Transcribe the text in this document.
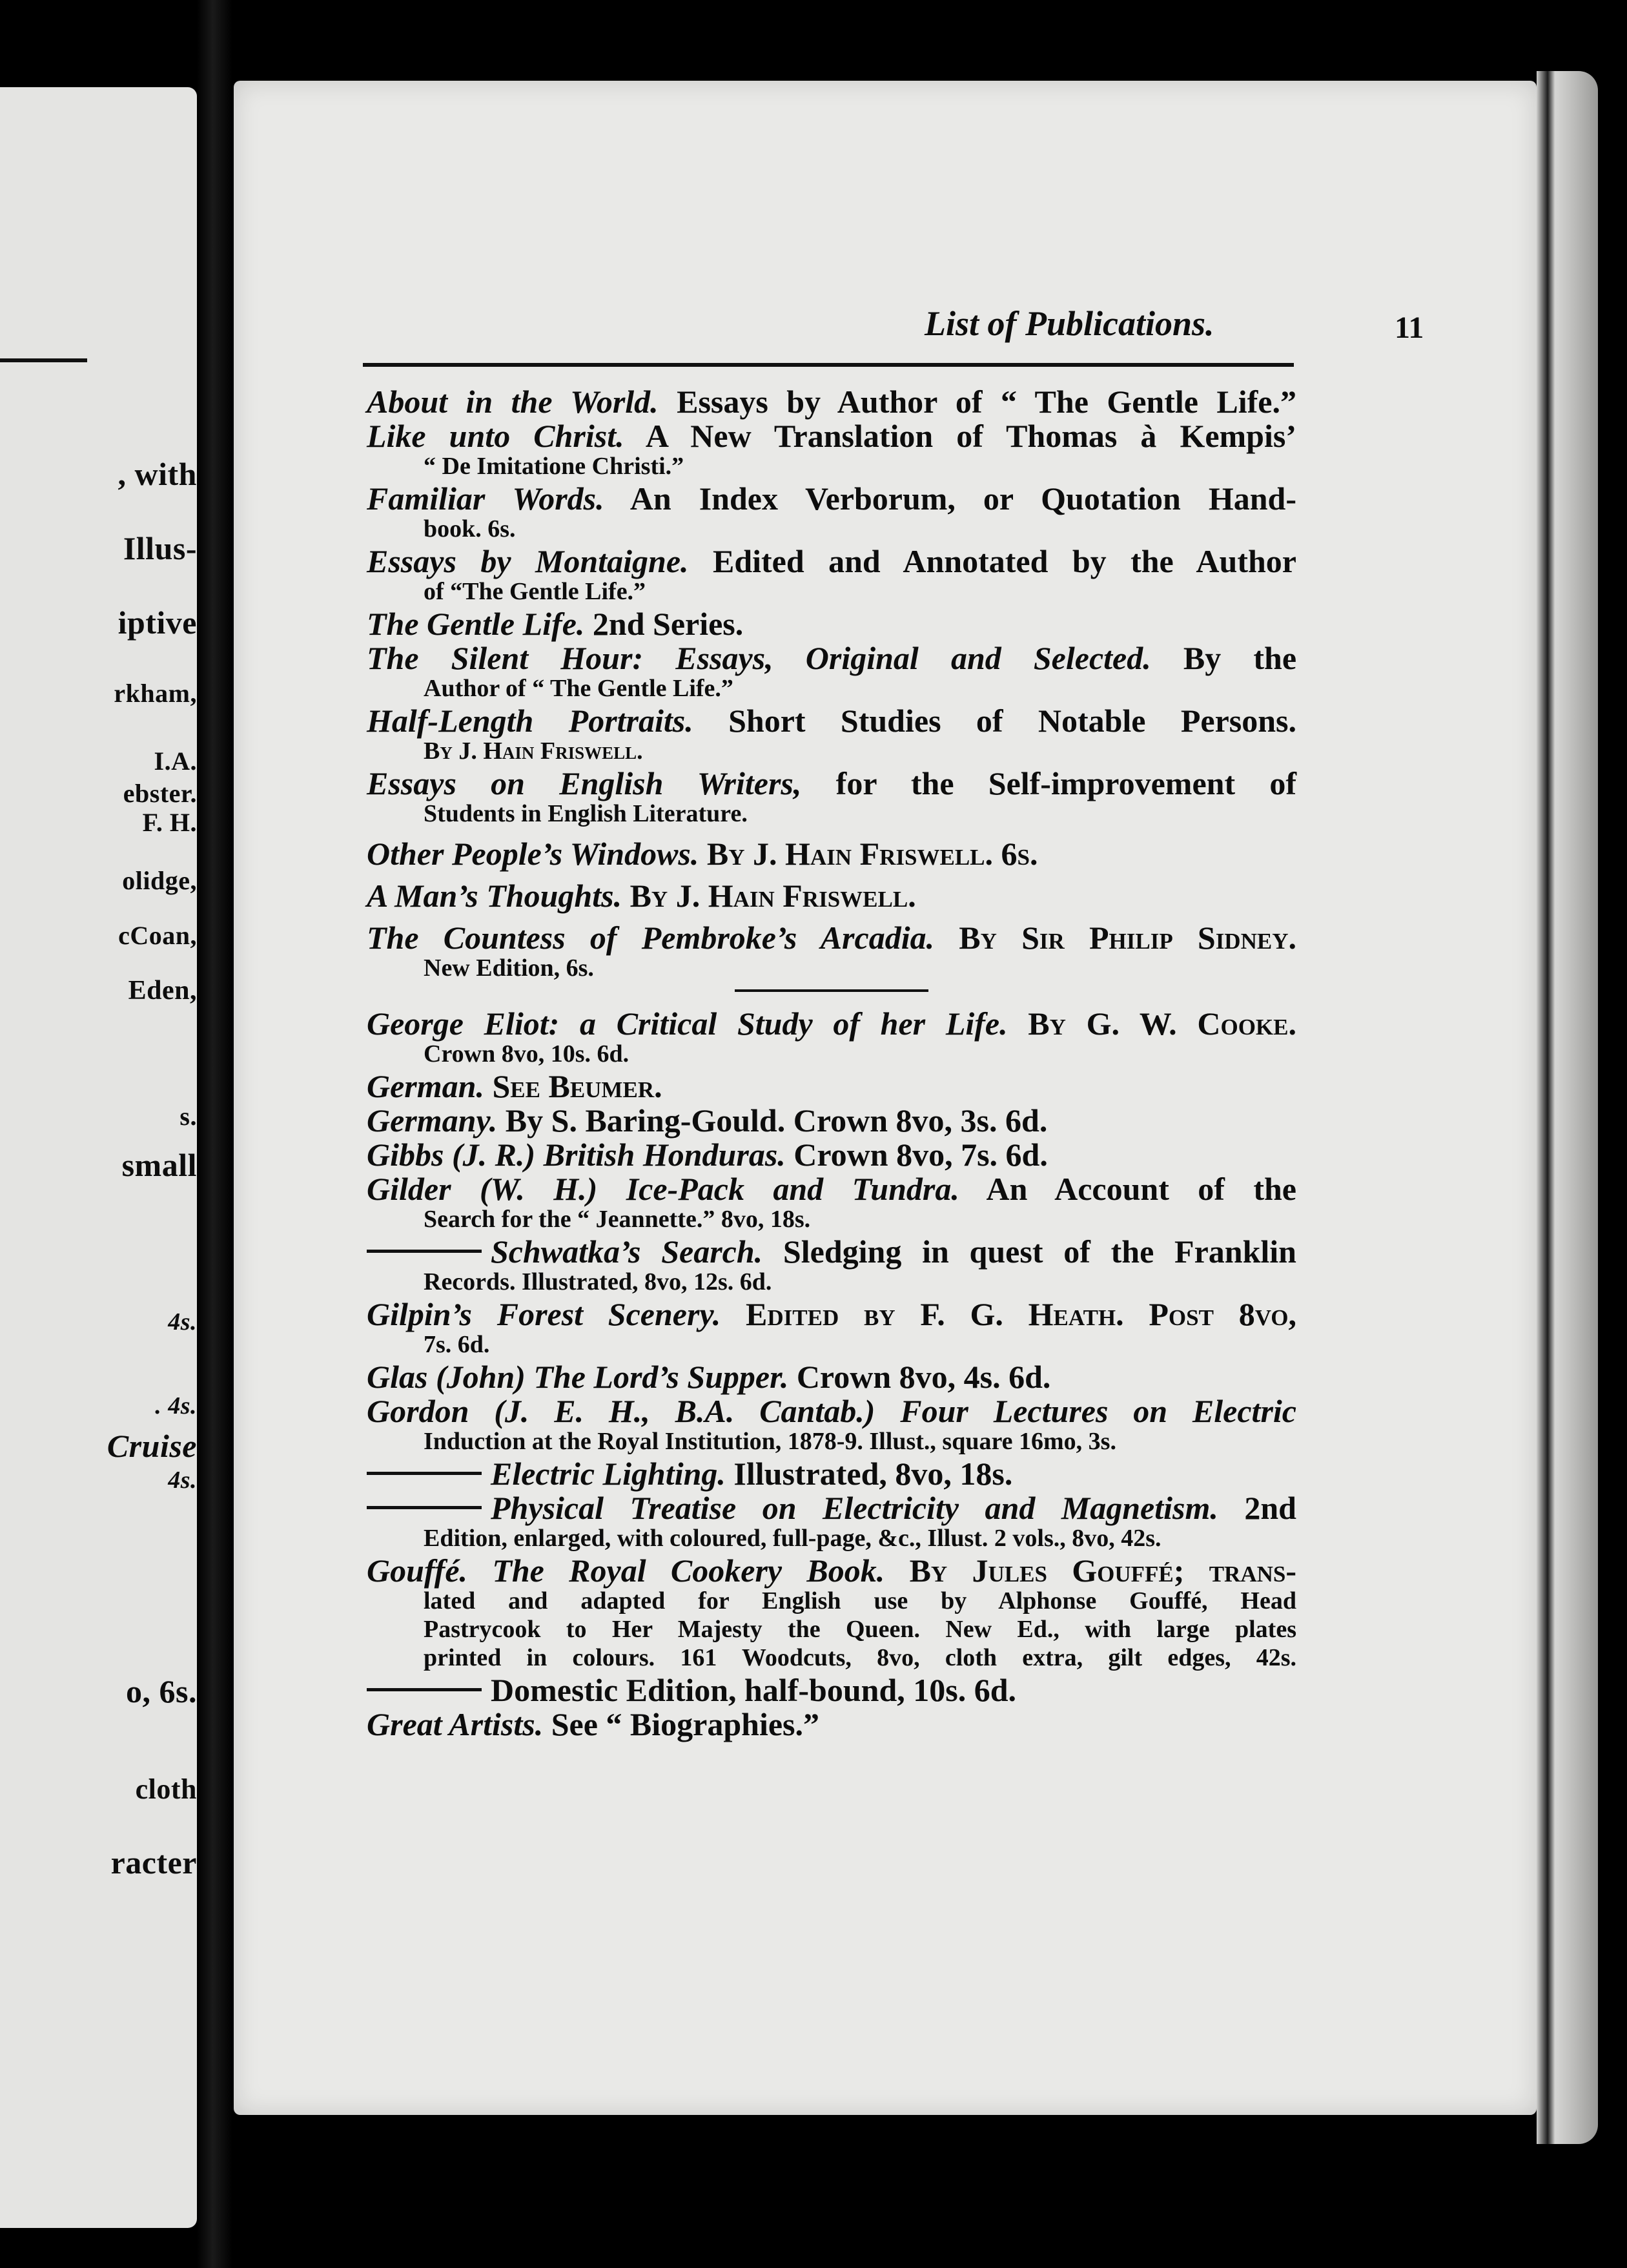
, with
Illus-
iptive
rkham,
I.A.
ebster.
F. H.
olidge,
cCoan,
Eden,
s.
small
4s.
. 4s.
Cruise
4s.
o, 6s.
cloth
racter
List of Publications.	11
About in the World. Essays by Author of “ The Gentle Life.”
Like unto Christ. A New Translation of Thomas à Kempis’
“ De Imitatione Christi.”
Familiar Words. An Index Verborum, or Quotation Hand-
book. 6s.
Essays by Montaigne. Edited and Annotated by the Author
of “The Gentle Life.”
The Gentle Life. 2nd Series.
The Silent Hour: Essays, Original and Selected. By the
Author of “ The Gentle Life.”
Half-Length Portraits. Short Studies of Notable Persons.
By J. Hain Friswell.
Essays on English Writers, for the Self-improvement of
Students in English Literature.
Other People’s Windows. By J. Hain Friswell. 6s.
A Man’s Thoughts. By J. Hain Friswell.
The Countess of Pembroke’s Arcadia. By Sir Philip Sidney.
New Edition, 6s.
George Eliot: a Critical Study of her Life. By G. W. Cooke.
Crown 8vo, 10s. 6d.
German. See Beumer.
Germany. By S. Baring-Gould. Crown 8vo, 3s. 6d.
Gibbs (J. R.) British Honduras. Crown 8vo, 7s. 6d.
Gilder (W. H.) Ice-Pack and Tundra. An Account of the
Search for the “ Jeannette.” 8vo, 18s.
Schwatka’s Search. Sledging in quest of the Franklin
Records. Illustrated, 8vo, 12s. 6d.
Gilpin’s Forest Scenery. Edited by F. G. Heath. Post 8vo,
7s. 6d.
Glas (John) The Lord’s Supper. Crown 8vo, 4s. 6d.
Gordon (J. E. H., B.A. Cantab.) Four Lectures on Electric
Induction at the Royal Institution, 1878-9. Illust., square 16mo, 3s.
Electric Lighting. Illustrated, 8vo, 18s.
Physical Treatise on Electricity and Magnetism. 2nd
Edition, enlarged, with coloured, full-page, &c., Illust. 2 vols., 8vo, 42s.
Gouffé. The Royal Cookery Book. By Jules Gouffé; trans-
lated and adapted for English use by Alphonse Gouffé, Head
Pastrycook to Her Majesty the Queen. New Ed., with large plates
printed in colours. 161 Woodcuts, 8vo, cloth extra, gilt edges, 42s.
Domestic Edition, half-bound, 10s. 6d.
Great Artists. See “ Biographies.”
